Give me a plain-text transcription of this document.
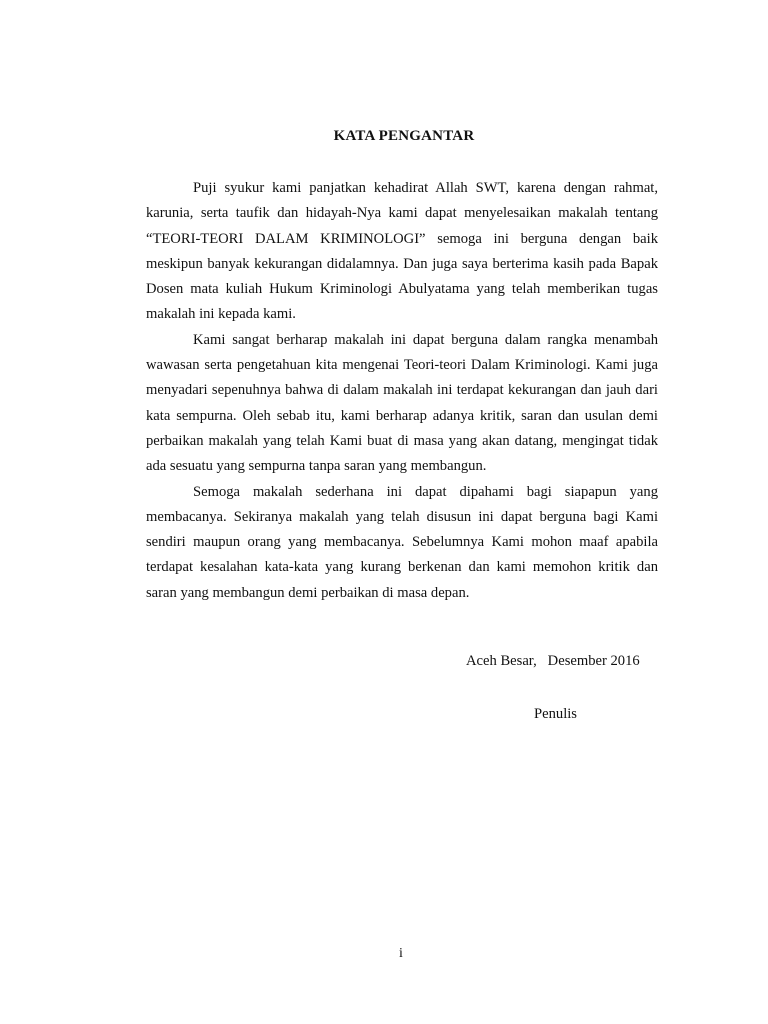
KATA PENGANTAR

Puji syukur kami panjatkan kehadirat Allah SWT, karena dengan rahmat, karunia, serta taufik dan hidayah-Nya kami dapat menyelesaikan makalah tentang “TEORI-TEORI DALAM KRIMINOLOGI” semoga ini berguna dengan baik meskipun banyak kekurangan didalamnya. Dan juga saya berterima kasih pada Bapak Dosen mata kuliah Hukum Kriminologi Abulyatama yang telah memberikan tugas makalah ini kepada kami.

Kami sangat berharap makalah ini dapat berguna dalam rangka menambah wawasan serta pengetahuan kita mengenai Teori-teori Dalam Kriminologi. Kami juga menyadari sepenuhnya bahwa di dalam makalah ini terdapat kekurangan dan jauh dari kata sempurna. Oleh sebab itu, kami berharap adanya kritik, saran dan usulan demi perbaikan makalah yang telah Kami buat di masa yang akan datang, mengingat tidak ada sesuatu yang sempurna tanpa saran yang membangun.

Semoga makalah sederhana ini dapat dipahami bagi siapapun yang membacanya. Sekiranya makalah yang telah disusun ini dapat berguna bagi Kami sendiri maupun orang yang membacanya. Sebelumnya Kami mohon maaf apabila terdapat kesalahan kata-kata yang kurang berkenan dan kami memohon kritik dan saran yang membangun demi perbaikan di masa depan.

Aceh Besar,   Desember 2016
Penulis
i
